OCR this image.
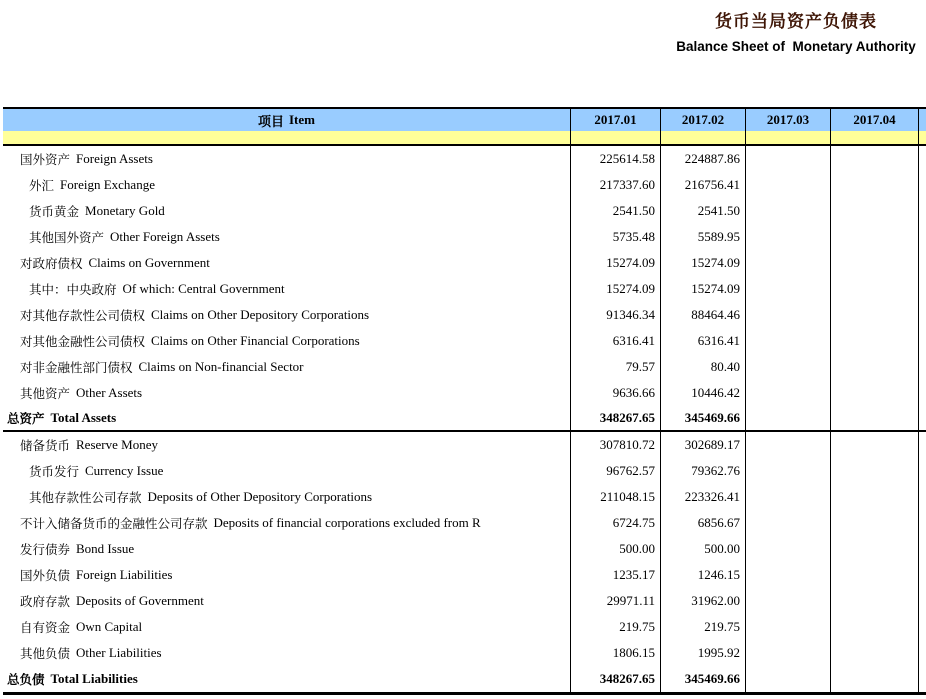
货币当局资产负债表
Balance Sheet of  Monetary Authority
项目 Item	2017.01	2017.02	2017.03	2017.04
国外资产 Foreign Assets	225614.58	224887.86
外汇 Foreign Exchange	217337.60	216756.41
货币黄金 Monetary Gold	2541.50	2541.50
其他国外资产 Other Foreign Assets	5735.48	5589.95
对政府债权 Claims on Government	15274.09	15274.09
其中：中央政府 Of which: Central Government	15274.09	15274.09
对其他存款性公司债权 Claims on Other Depository Corporations	91346.34	88464.46
对其他金融性公司债权 Claims on Other Financial Corporations	6316.41	6316.41
对非金融性部门债权 Claims on Non-financial Sector	79.57	80.40
其他资产 Other Assets	9636.66	10446.42
总资产 Total Assets	348267.65	345469.66
储备货币 Reserve Money	307810.72	302689.17
货币发行 Currency Issue	96762.57	79362.76
其他存款性公司存款 Deposits of Other Depository Corporations	211048.15	223326.41
不计入储备货币的金融性公司存款 Deposits of financial corporations excluded from R	6724.75	6856.67
发行债券 Bond Issue	500.00	500.00
国外负债 Foreign Liabilities	1235.17	1246.15
政府存款 Deposits of Government	29971.11	31962.00
自有资金 Own Capital	219.75	219.75
其他负债 Other Liabilities	1806.15	1995.92
总负债 Total Liabilities	348267.65	345469.66
